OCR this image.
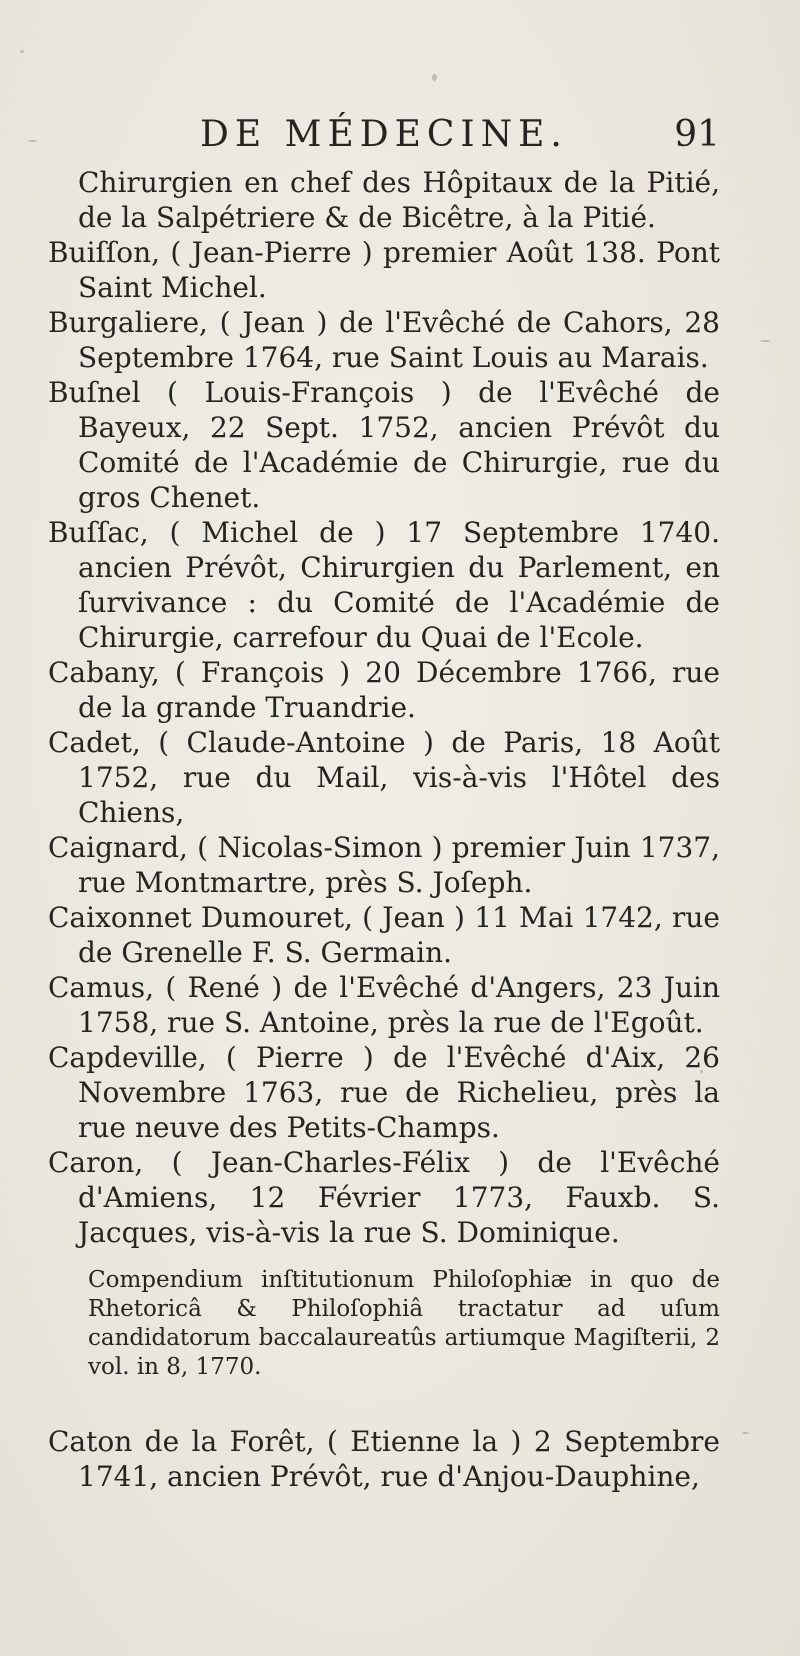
DE MÉDECINE.	91

Chirurgien en chef des Hôpitaux de la Pitié, de la Salpétriere & de Bicêtre, à la Pitié.

Buiſſon, ( Jean-Pierre ) premier Août 138. Pont Saint Michel.

Burgaliere, ( Jean ) de l'Evêché de Cahors, 28 Septembre 1764, rue Saint Louis au Marais.

Buſnel ( Louis-François ) de l'Evêché de Bayeux, 22 Sept. 1752, ancien Prévôt du Comité de l'Académie de Chirurgie, rue du gros Chenet.

Buſſac, ( Michel de ) 17 Septembre 1740. ancien Prévôt, Chirurgien du Parlement, en ſurvivance : du Comité de l'Académie de Chirurgie, carrefour du Quai de l'Ecole.

Cabany, ( François ) 20 Décembre 1766, rue de la grande Truandrie.

Cadet, ( Claude-Antoine ) de Paris, 18 Août 1752, rue du Mail, vis-à-vis l'Hôtel des Chiens,

Caignard, ( Nicolas-Simon ) premier Juin 1737, rue Montmartre, près S. Joſeph.

Caixonnet Dumouret, ( Jean ) 11 Mai 1742, rue de Grenelle F. S. Germain.

Camus, ( René ) de l'Evêché d'Angers, 23 Juin 1758, rue S. Antoine, près la rue de l'Egoût.

Capdeville, ( Pierre ) de l'Evêché d'Aix, 26 Novembre 1763, rue de Richelieu, près la rue neuve des Petits-Champs.

Caron, ( Jean-Charles-Félix ) de l'Evêché d'Amiens, 12 Février 1773, Fauxb. S. Jacques, vis-à-vis la rue S. Dominique.

Compendium inſtitutionum Philoſophiæ in quo de Rhetoricâ & Philoſophiâ tractatur ad uſum candidatorum baccalaureatûs artiumque Magiſterii, 2 vol. in 8, 1770.

Caton de la Forêt, ( Etienne la ) 2 Septembre 1741, ancien Prévôt, rue d'Anjou-Dauphine,
